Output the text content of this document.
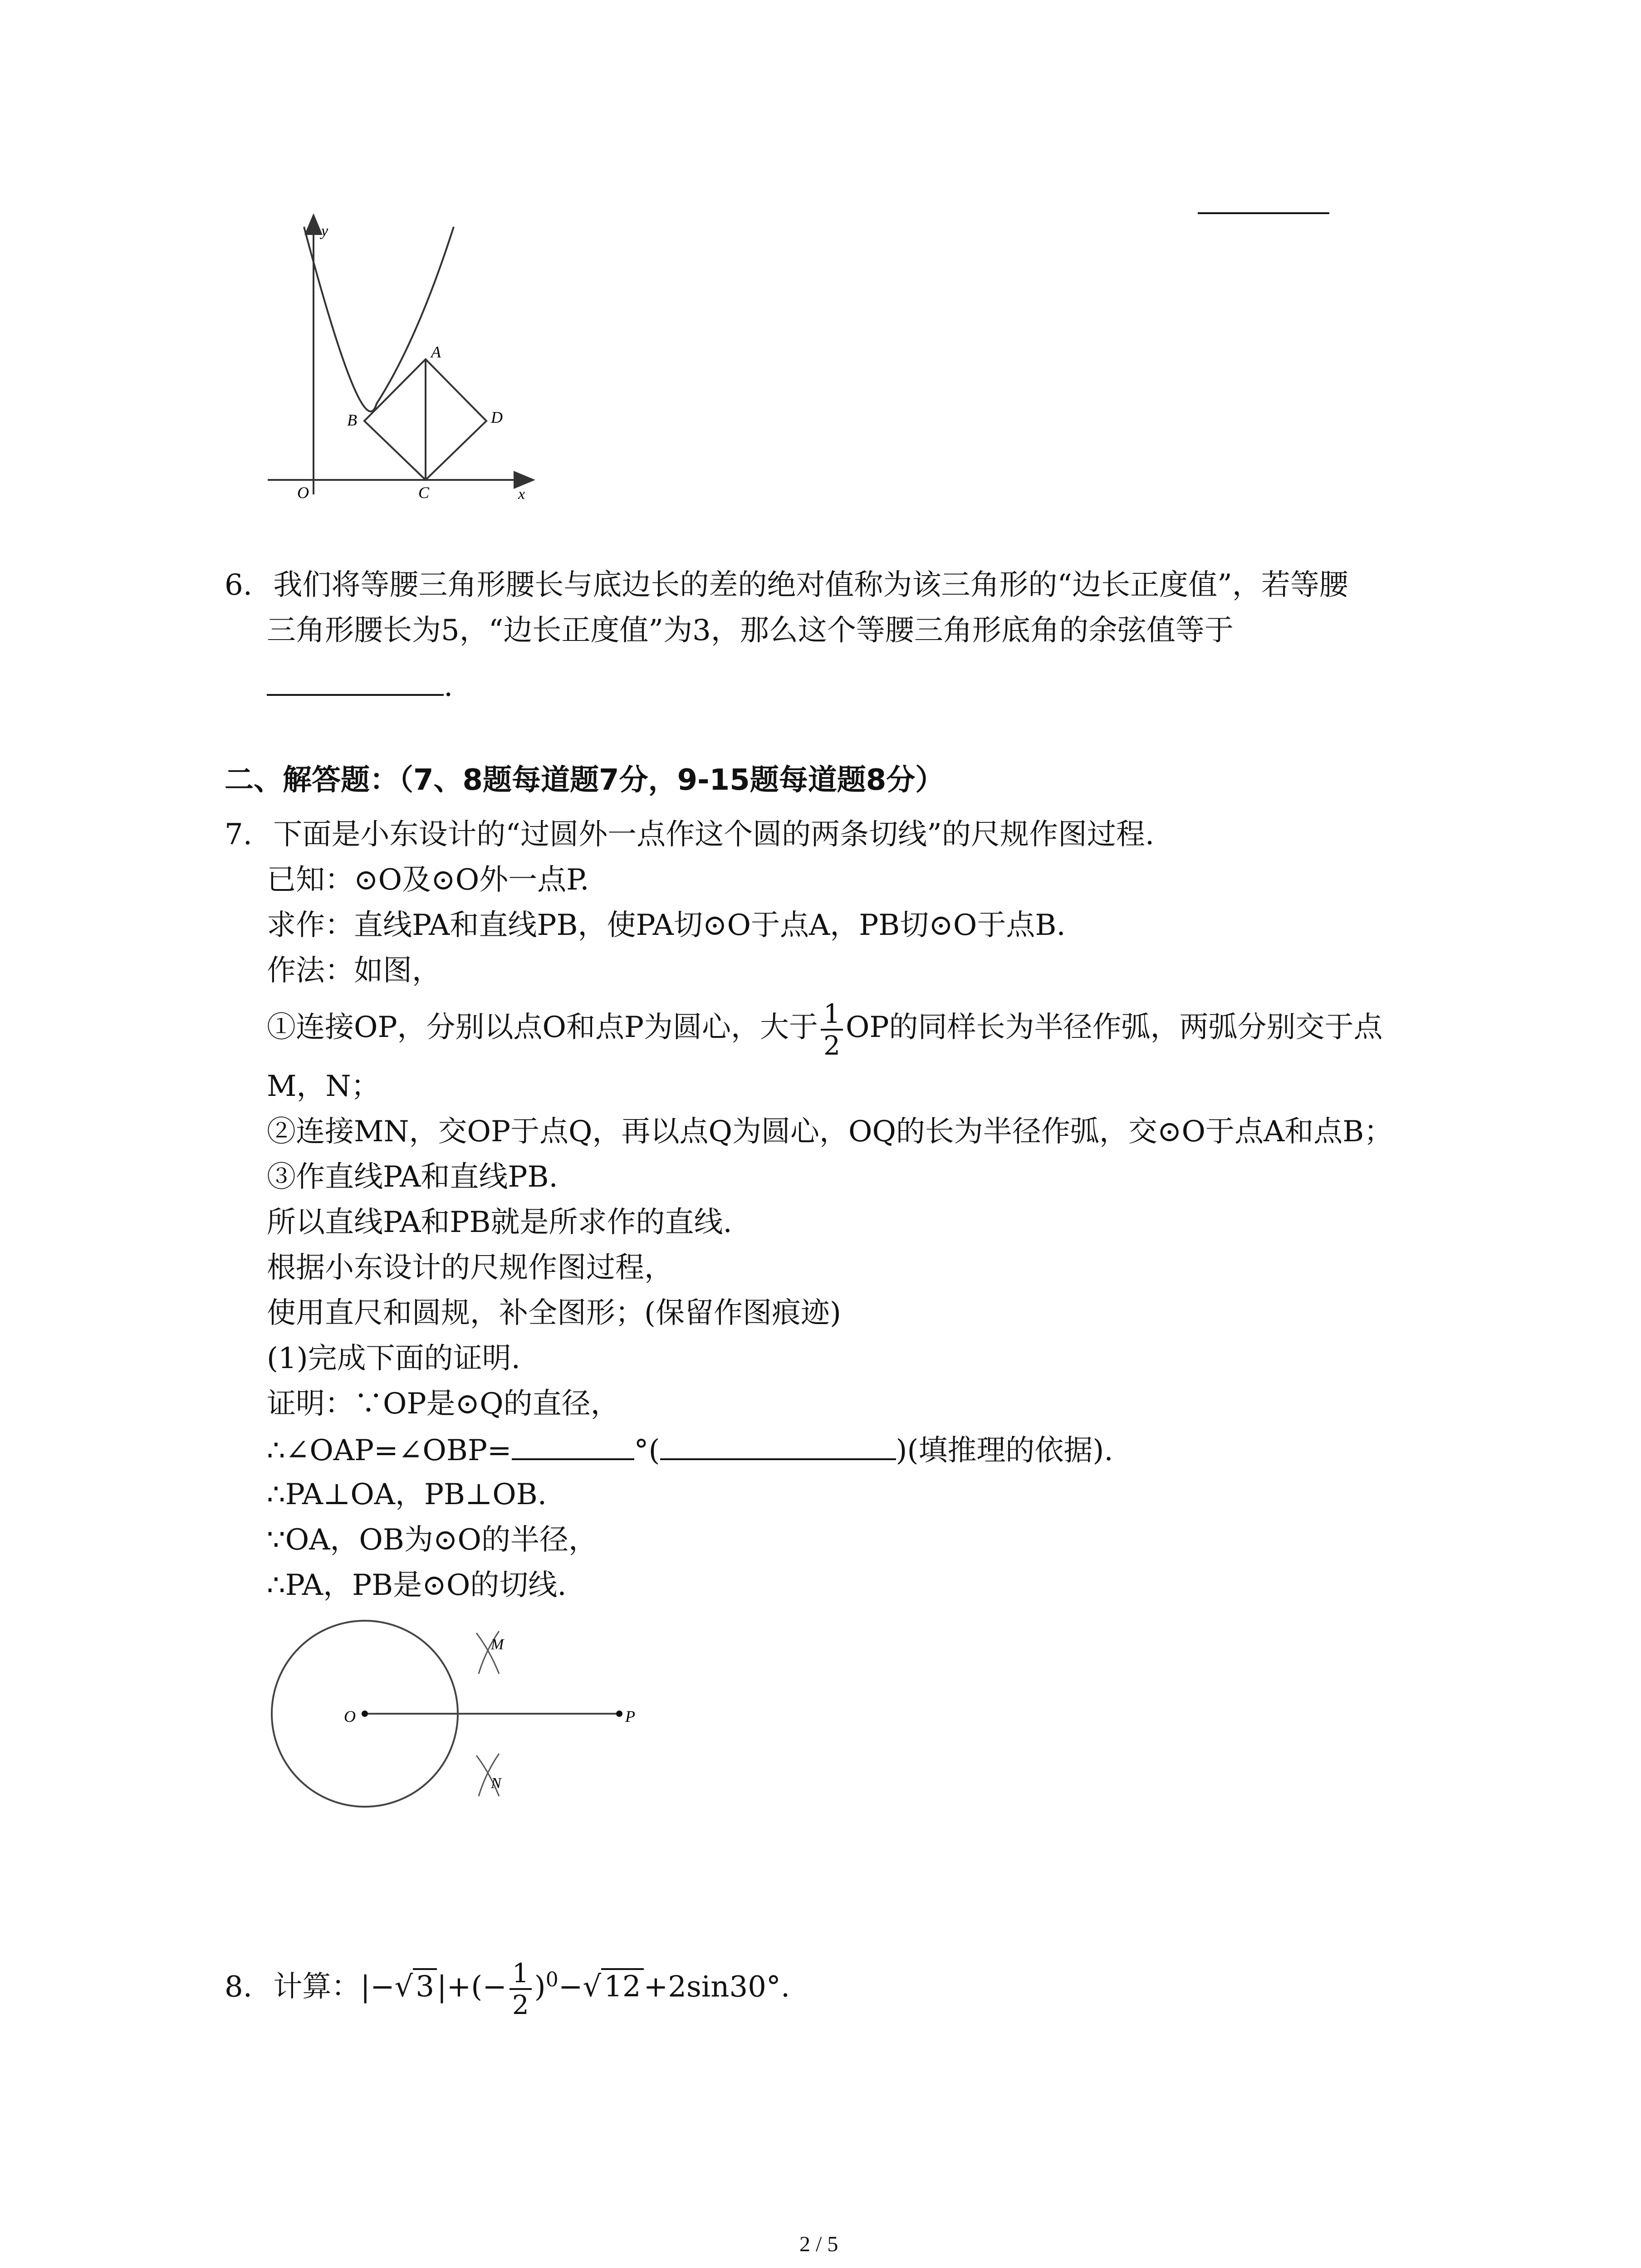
y
x
O
A
B
C
D
6. 我们将等腰三角形腰长与底边长的差的绝对值称为该三角形的“边长正度值”，若等腰
三角形腰长为5，“边长正度值”为3，那么这个等腰三角形底角的余弦值等于
.
二、解答题：（7、8题每道题7分，9-15题每道题8分）
7. 下面是小东设计的“过圆外一点作这个圆的两条切线”的尺规作图过程.
已知：⊙O及⊙O外一点P.
求作：直线PA和直线PB，使PA切⊙O于点A，PB切⊙O于点B.
作法：如图，
①连接OP，分别以点O和点P为圆心，大于 $\frac{1}{2}$ OP的同样长为半径作弧，两弧分别交于点
M，N；
②连接MN，交OP于点Q，再以点Q为圆心，OQ的长为半径作弧，交⊙O于点A和点B；
③作直线PA和直线PB.
所以直线PA和PB就是所求作的直线.
根据小东设计的尺规作图过程，
使用直尺和圆规，补全图形；(保留作图痕迹)
(1)完成下面的证明.
证明：∵OP是⊙Q的直径，
∴∠OAP=∠OBP=	°(	)(填推理的依据).
∴PA⊥OA，PB⊥OB.
∵OA，OB为⊙O的半径，
∴PA，PB是⊙O的切线.
O	P
M
N
8. 计算：$|-√3|+(- \frac{1}{2} )^0-√12+2\sin 30^\circ$.
2 / 5
